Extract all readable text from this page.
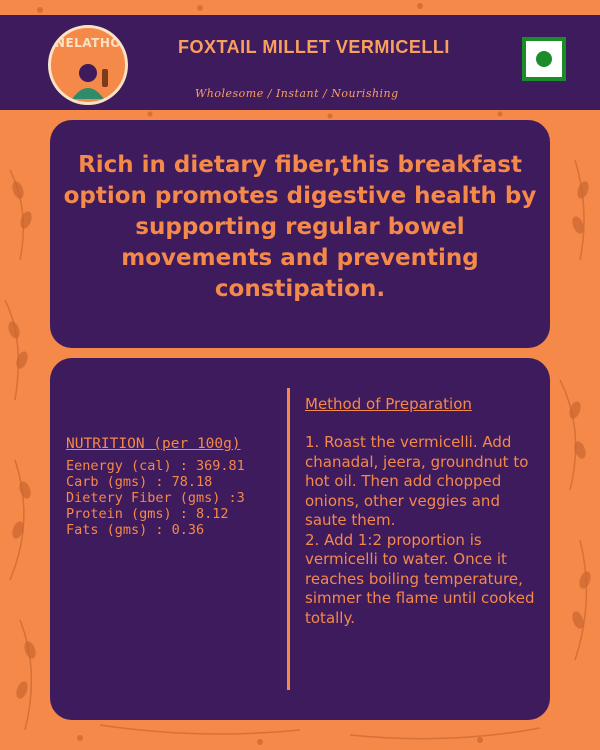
NELATHO	FOXTAIL MILLET VERMICELLI
Wholesome / Instant / Nourishing
Rich in dietary fiber,this breakfast option promotes digestive health by supporting regular bowel movements and preventing constipation.
NUTRITION (per 100g)
Eenergy (cal) : 369.81
Carb (gms) : 78.18
Dietery Fiber (gms) :3
Protein (gms) : 8.12
Fats (gms) : 0.36
Method of Preparation
1. Roast the vermicelli. Add chanadal, jeera, groundnut to hot oil. Then add chopped onions, other veggies and saute them.
2. Add 1:2 proportion is vermicelli to water. Once it reaches boiling temperature, simmer the flame until cooked totally.
